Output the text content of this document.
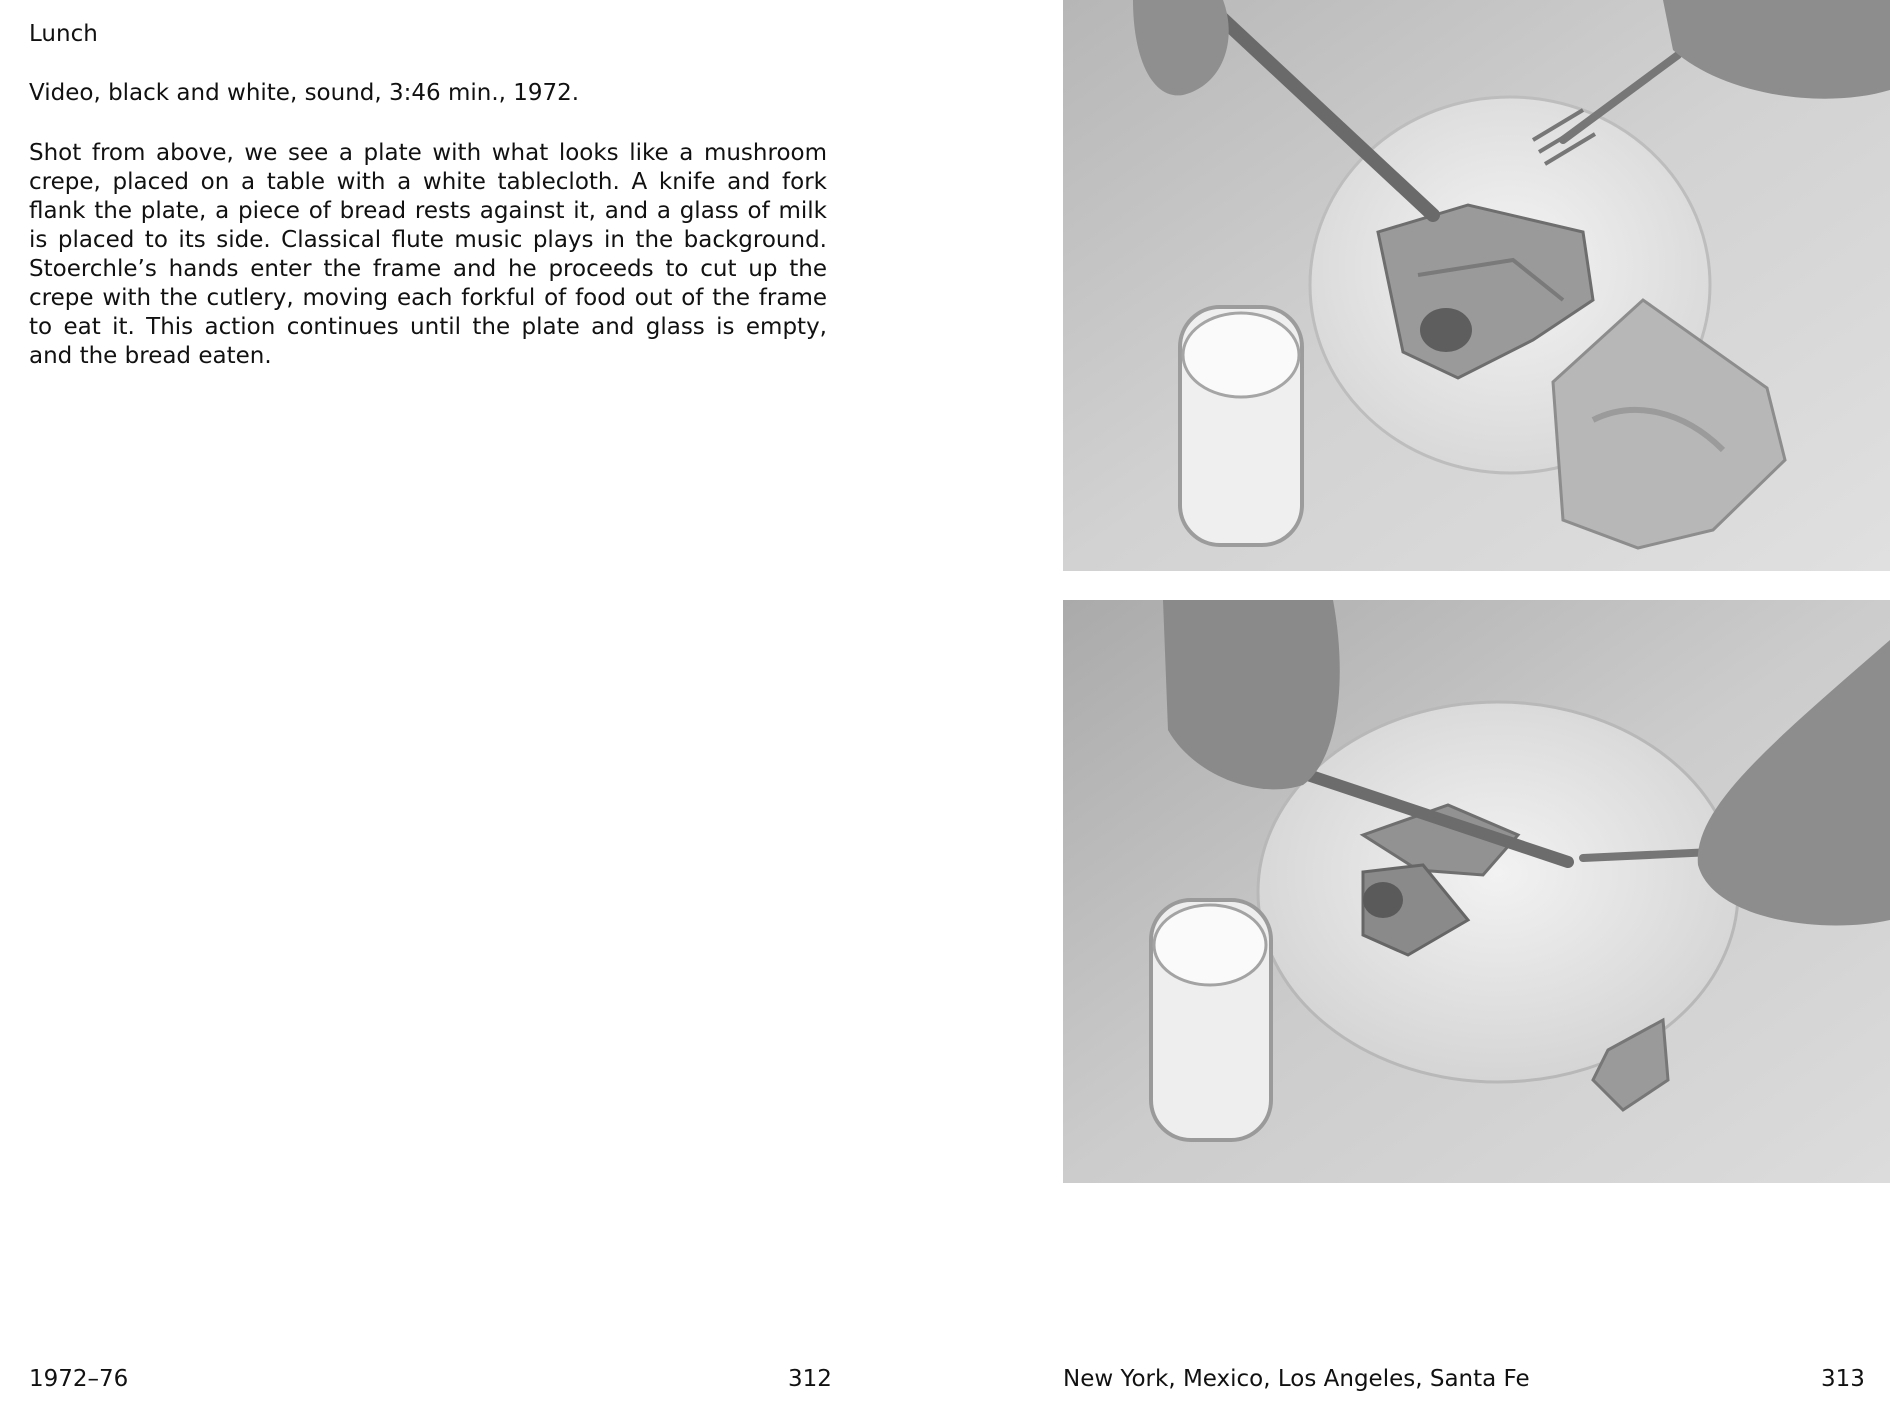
Lunch
Video, black and white, sound, 3:46 min., 1972.

Shot from above, we see a plate with what looks like a mushroom crepe, placed on a table with a white tablecloth. A knife and fork flank the plate, a piece of bread rests against it, and a glass of milk is placed to its side. Classical flute music plays in the background. Stoerchle’s hands enter the frame and he proceeds to cut up the crepe with the cutlery, moving each forkful of food out of the frame to eat it. This action continues until the plate and glass is empty, and the bread eaten.

1972–76	312	New York, Mexico, Los Angeles, Santa Fe	313
